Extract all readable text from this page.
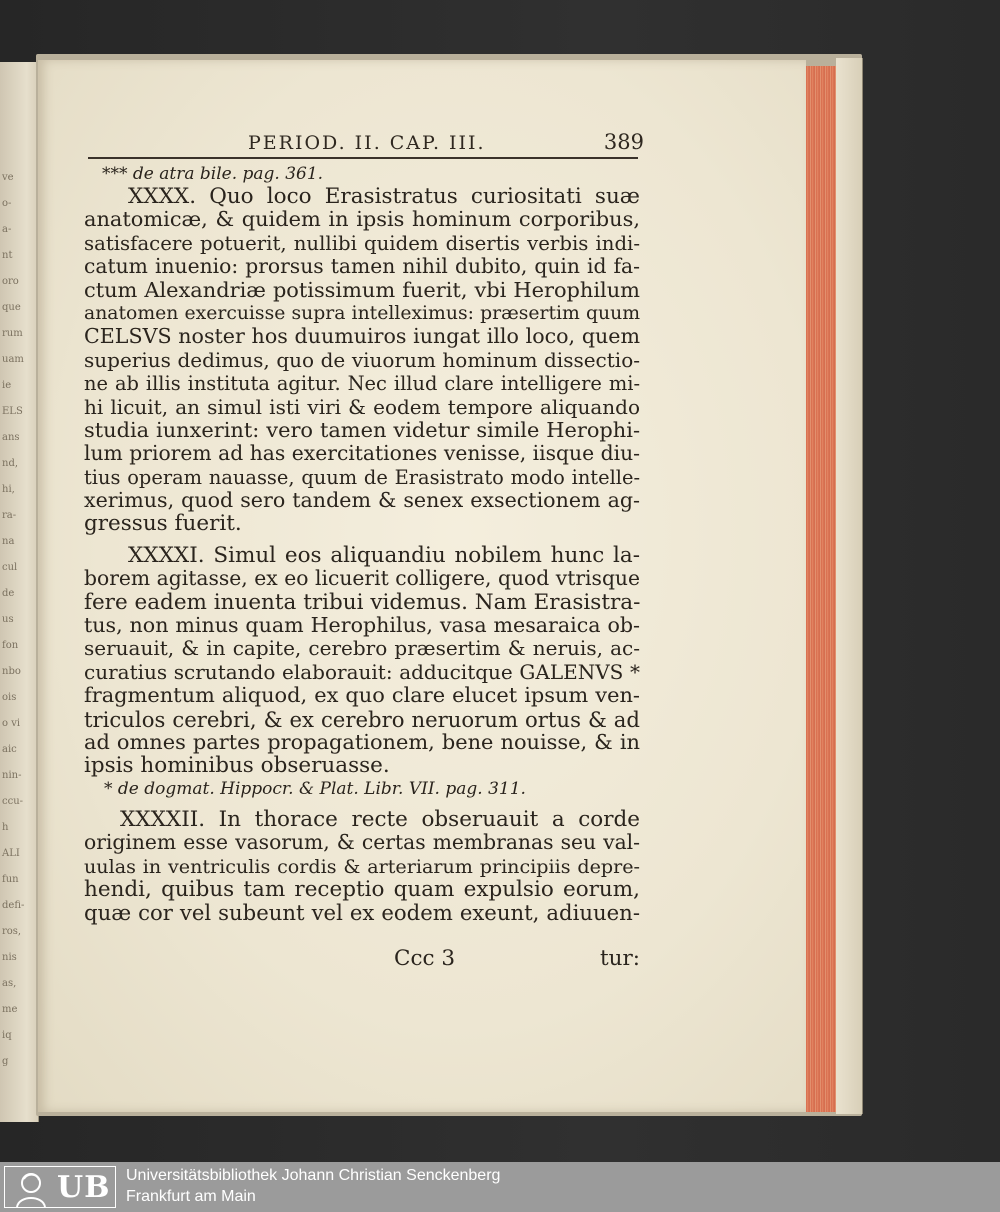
ve
o-
a-
nt
oro
que
rum
uam
ie
ELS
ans
nd,
hi,
ra-
na
cul
de
us
fon
nbo
ois
o vi
aic
nin-
ccu-
h
ALI
fun
defi-
ros,
nis
as,
me
iq
g
PERIOD. II. CAP. III.	389
*** de atra bile. pag. 361.
XXXX. Quo loco Erasistratus curiositati suæ
anatomicæ, & quidem in ipsis hominum corporibus,
satisfacere potuerit, nullibi quidem disertis verbis indi-
catum inuenio: prorsus tamen nihil dubito, quin id fa-
ctum Alexandriæ potissimum fuerit, vbi Herophilum
anatomen exercuisse supra intelleximus: præsertim quum
CELSVS noster hos duumuiros iungat illo loco, quem
superius dedimus, quo de viuorum hominum dissectio-
ne ab illis instituta agitur. Nec illud clare intelligere mi-
hi licuit, an simul isti viri & eodem tempore aliquando
studia iunxerint: vero tamen videtur simile Herophi-
lum priorem ad has exercitationes venisse, iisque diu-
tius operam nauasse, quum de Erasistrato modo intelle-
xerimus, quod sero tandem & senex exsectionem ag-
gressus fuerit.
XXXXI. Simul eos aliquandiu nobilem hunc la-
borem agitasse, ex eo licuerit colligere, quod vtrisque
fere eadem inuenta tribui videmus. Nam Erasistra-
tus, non minus quam Herophilus, vasa mesaraica ob-
seruauit, & in capite, cerebro præsertim & neruis, ac-
curatius scrutando elaborauit: adducitque GALENVS *
fragmentum aliquod, ex quo clare elucet ipsum ven-
triculos cerebri, & ex cerebro neruorum ortus & ad
ad omnes partes propagationem, bene nouisse, & in
ipsis hominibus obseruasse.
* de dogmat. Hippocr. & Plat. Libr. VII. pag. 311.
XXXXII. In thorace recte obseruauit a corde
originem esse vasorum, & certas membranas seu val-
uulas in ventriculis cordis & arteriarum principiis depre-
hendi, quibus tam receptio quam expulsio eorum,
quæ cor vel subeunt vel ex eodem exeunt, adiuuen-
Ccc 3	tur:
UB Universitätsbibliothek Johann Christian Senckenberg
Frankfurt am Main
